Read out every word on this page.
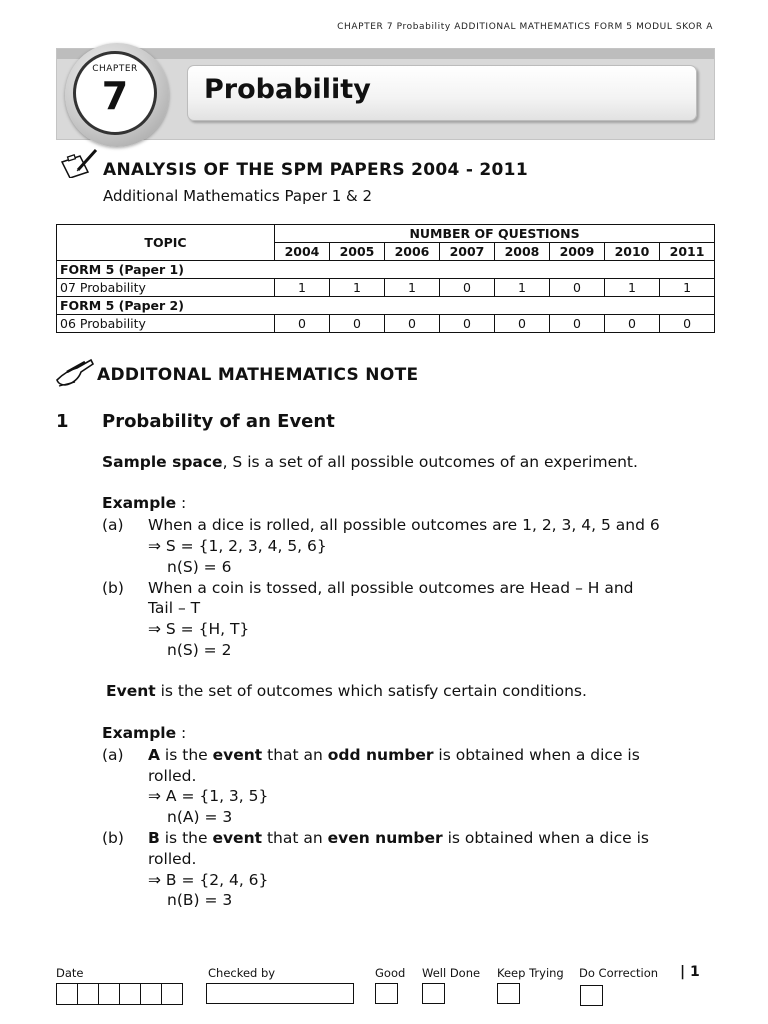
CHAPTER 7 Probability ADDITIONAL MATHEMATICS FORM 5 MODUL SKOR A
Probability
CHAPTER
7
ANALYSIS OF THE SPM PAPERS 2004 - 2011
Additional Mathematics Paper 1 & 2
TOPIC	NUMBER OF QUESTIONS							
	2004	2005	2006	2007	2008	2009	2010	2011
FORM 5 (Paper 1)								
07 Probability	1	1	1	0	1	0	1	1
FORM 5 (Paper 2)								
06 Probability	0	0	0	0	0	0	0	0
ADDITONAL MATHEMATICS NOTE
1 Probability of an Event
Sample space, S is a set of all possible outcomes of an experiment.
Example :
(a) When a dice is rolled, all possible outcomes are 1, 2, 3, 4, 5 and 6
⇒ S = {1, 2, 3, 4, 5, 6}
n(S) = 6
(b) When a coin is tossed, all possible outcomes are Head – H and
Tail – T
⇒ S = {H, T}
n(S) = 2
Event is the set of outcomes which satisfy certain conditions.
Example :
(a) A is the event that an odd number is obtained when a dice is
rolled.
⇒ A = {1, 3, 5}
n(A) = 3
(b) B is the event that an even number is obtained when a dice is
rolled.
⇒ B = {2, 4, 6}
n(B) = 3
Date	Checked by	Good Well Done Keep Trying Do Correction | 1
